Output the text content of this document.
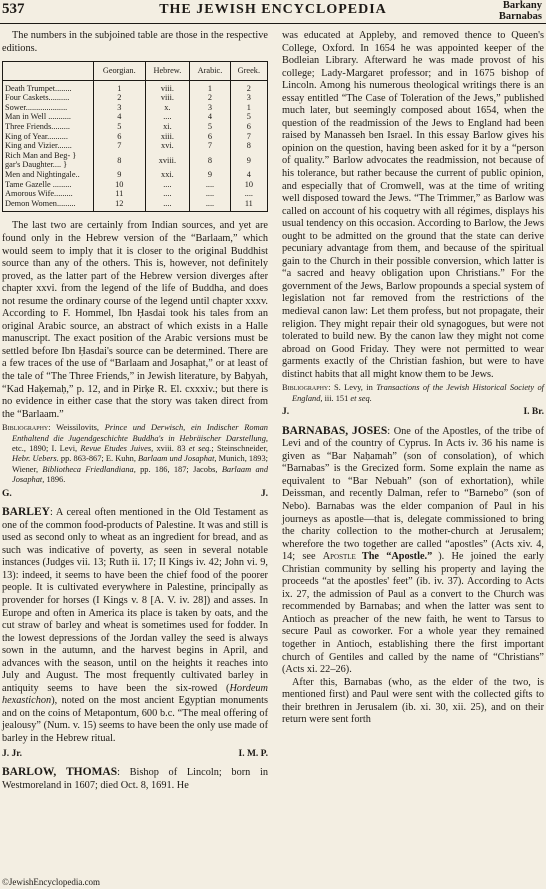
537	THE JEWISH ENCYCLOPEDIA	Barkany
Barnabas

The numbers in the subjoined table are those in the respective editions.

	Georgian.	Hebrew.	Arabic.	Greek.
Death Trumpet........	1	viii.	1	2
Four Caskets..........	2	viii.	2	3
Sower....................	3	x.	3	1
Man in Well ...........	4	....	4	5
Three Friends.........	5	xi.	5	6
King of Year..........	6	xiii.	6	7
King and Vizier.......	7	xvi.	7	8
Rich Man and Beg- } gar's Daughter.... }	8	xviii.	8	9
Men and Nightingale..	9	xxi.	9	4
Tame Gazelle .........	10	....	....	10
Amorous Wife.........	11	....	....	....
Demon Women.........	12	....	....	11

The last two are certainly from Indian sources, and yet are found only in the Hebrew version of the “Barlaam,” which would seem to imply that it is closer to the original Buddhist source than any of the others. This is, however, not definitely proved, as the latter part of the Hebrew version diverges after chapter xxvi. from the legend of the life of Buddha, and does not resume the ordinary course of the legend until chapter xxxv. According to F. Hommel, Ibn Ḥasdai took his tales from an original Arabic source, an abstract of which exists in a Halle manuscript. The exact position of the Arabic versions must be settled before Ibn Ḥasdai's source can be determined. There are a few traces of the use of “Barlaam and Josaphat,” or at least of the tale of “The Three Friends,” in Jewish literature, by Baḥyah, “Kad Haḳemaḥ,” p. 12, and in Pirḳe R. El. cxxxiv.; but there is no evidence in either case that the story was taken direct from the “Barlaam.”

Bibliography: Weissilovits, Prince und Derwisch, ein Indischer Roman Enthaltend die Jugendgeschichte Buddha's in Hebräischer Darstellung, etc., 1890; I. Levi, Revue Etudes Juives, xviii. 83 et seq.; Steinschneider, Hebr. Uebers. pp. 863-867; E. Kuhn, Barlaam und Josaphat, Munich, 1893; Wiener, Bibliotheca Friedlandiana, pp. 186, 187; Jacobs, Barlaam and Josaphat, 1896.

G.	J.

BARLEY: A cereal often mentioned in the Old Testament as one of the common food-products of Palestine. It was and still is used as second only to wheat as an ingredient for bread, and as such was indicative of poverty, as seen in several notable instances (Judges vii. 13; Ruth ii. 17; II Kings iv. 42; John vi. 9, 13): indeed, it seems to have been the chief food of the poorer people. It is cultivated everywhere in Palestine, principally as provender for horses (I Kings v. 8 [A. V. iv. 28]) and asses. In Europe and often in America its place is taken by oats, and the cut straw of barley and wheat is sometimes used for fodder. In the lowest depressions of the Jordan valley the seed is always sown in the autumn, and the harvest begins in April, and advances with the season, until on the heights it reaches into July and August. The most frequently cultivated barley in antiquity seems to have been the six-rowed (Hordeum hexastichon), noted on the most ancient Egyptian monuments and on the coins of Metapontum, 600 b.c. “The meal offering of jealousy” (Num. v. 15) seems to have been the only use made of barley in the Hebrew ritual.

J. Jr.	I. M. P.

BARLOW, THOMAS: Bishop of Lincoln; born in Westmoreland in 1607; died Oct. 8, 1691. He

was educated at Appleby, and removed thence to Queen's College, Oxford. In 1654 he was appointed keeper of the Bodleian Library. Afterward he was made provost of his college; Lady-Margaret professor; and in 1675 bishop of Lincoln. Among his numerous theological writings there is an essay entitled “The Case of Toleration of the Jews,” published much later, but seemingly composed about 1654, when the question of the readmission of the Jews to England had been raised by Manasseh ben Israel. In this essay Barlow gives his opinion on the question, having been asked for it by a “person of quality.” Barlow advocates the readmission, not because of his tolerance, but rather because the current of public opinion, and especially that of Cromwell, was at the time of writing well disposed toward the Jews. “The Trimmer,” as Barlow was called on account of his coquetry with all régimes, displays his usual tendency on this occasion. According to Barlow, the Jews ought to be admitted on the ground that the state can derive pecuniary advantage from them, and because of the spiritual gain to the Church in their possible conversion, which latter is “a sacred and heavy obligation upon Christians.” For the government of the Jews, Barlow propounds a special system of legislation not far removed from the restrictions of the medieval canon law: Let them profess, but not propagate, their religion. They might repair their old synagogues, but were not tolerated to build new. By the canon law they might not come abroad on Good Friday. They were not permitted to wear garments exactly of the Christian fashion, but were to have distinct habits that all might know them to be Jews.

Bibliography: S. Levy, in Transactions of the Jewish Historical Society of England, iii. 151 et seq.

J.	I. Br.

BARNABAS, JOSES: One of the Apostles, of the tribe of Levi and of the country of Cyprus. In Acts iv. 36 his name is given as “Bar Naḥamah” (son of consolation), of which “Barnabas” is the Grecized form. Some explain the name as equivalent to “Bar Nebuah” (son of exhortation), while Deissman, and recently Dalman, refer to “Barnebo” (son of Nebo). Barnabas was the elder companion of Paul in his journeys as apostle—that is, delegate commissioned to bring the charity collection to the mother-church at Jerusalem; wherefore the two together are called “apostles” (Acts xiv. 4, 14; see Apostle The “Apostle.” ). He joined the early Christian community by selling his property and laying the proceeds “at the apostles' feet” (ib. iv. 37). According to Acts ix. 27, the admission of Paul as a convert to the Church was recommended by Barnabas; and when the latter was sent to Antioch as preacher of the new faith, he went to Tarsus to secure Paul as coworker. For a whole year they remained together in Antioch, establishing there the first important church of Gentiles and called by the name of “Christians” (Acts xi. 22–26).

After this, Barnabas (who, as the elder of the two, is mentioned first) and Paul were sent with the collected gifts to their brethren in Jerusalem (ib. xi. 30, xii. 25), and on their return were sent forth

©JewishEncyclopedia.com
